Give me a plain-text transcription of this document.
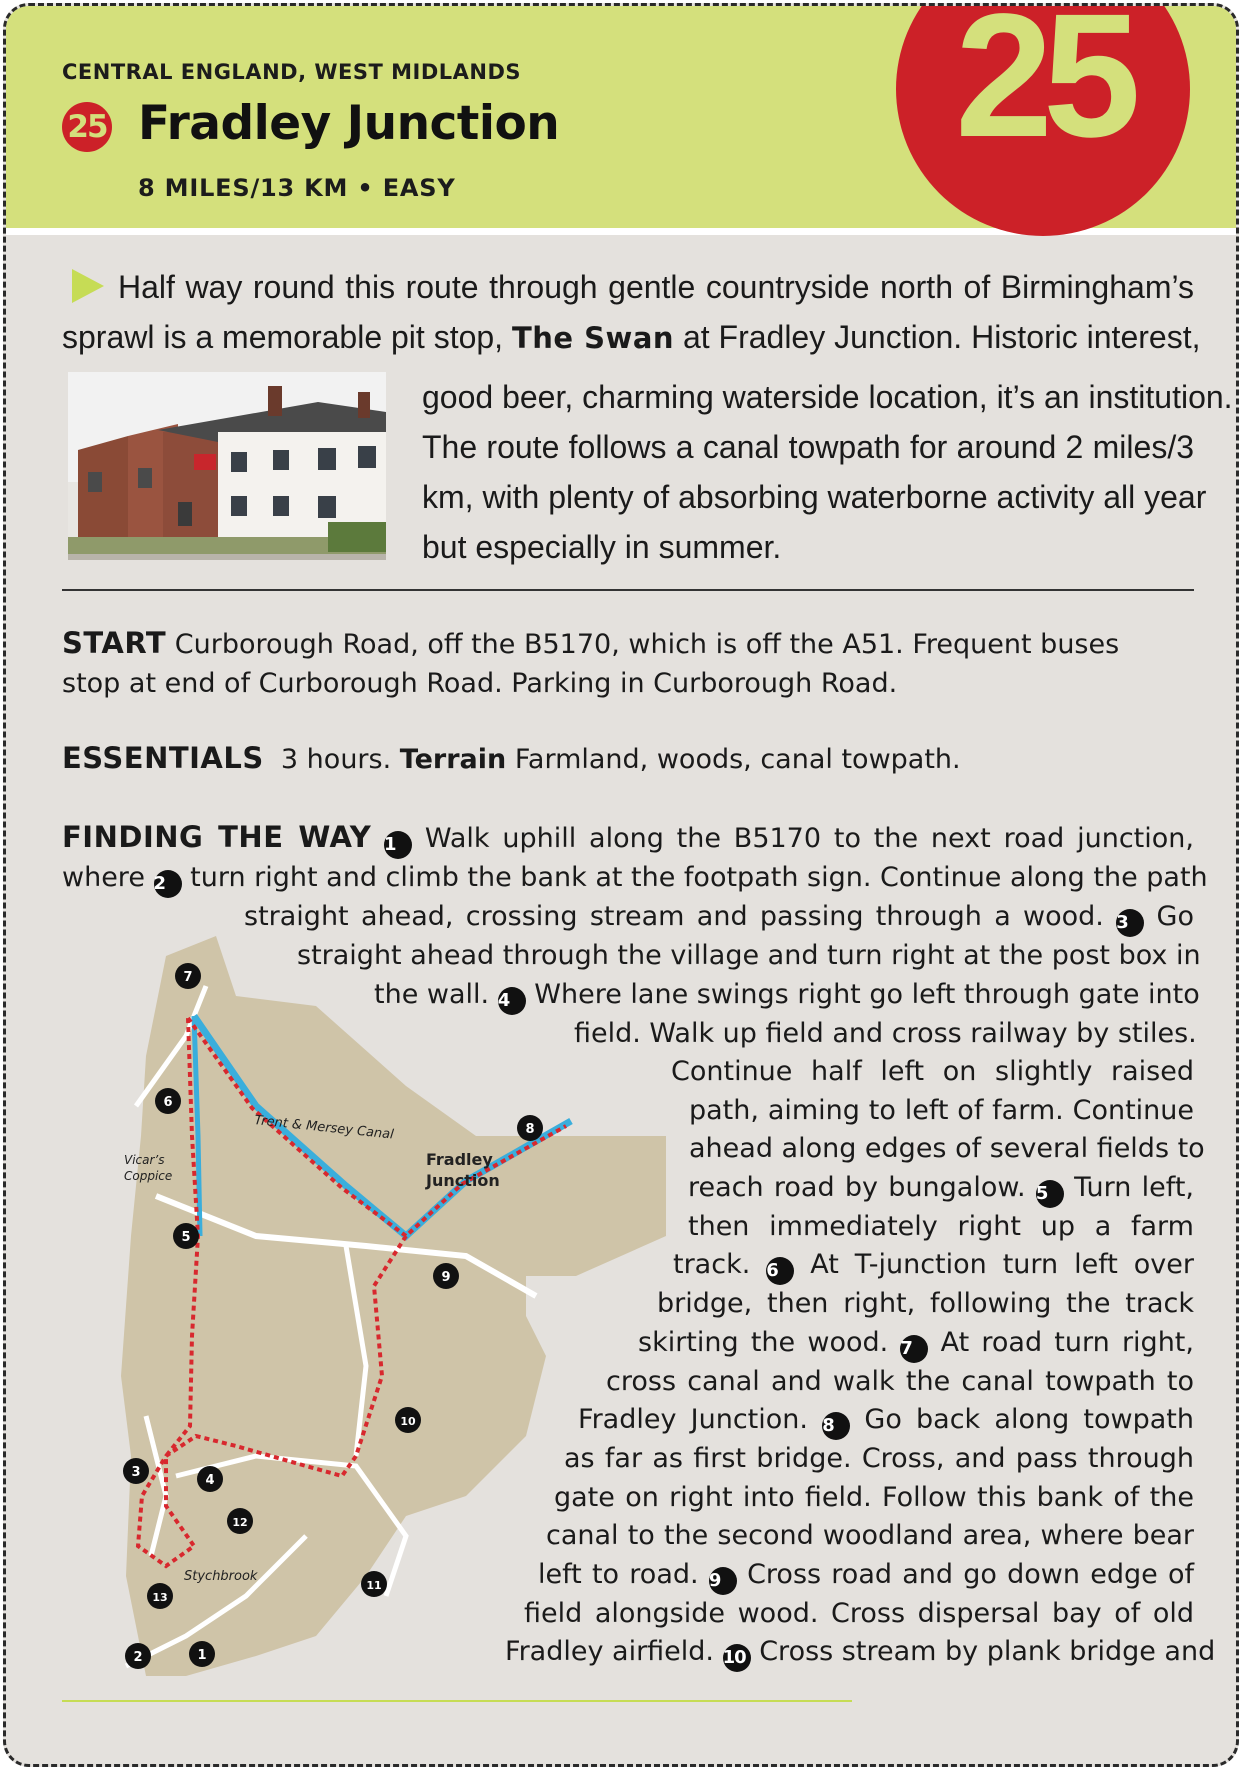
CENTRAL ENGLAND, WEST MIDLANDS
25 Fradley Junction
8 MILES/13 KM • EASY
25
Half way round this route through gentle countryside north of Birmingham’s
sprawl is a memorable pit stop, The Swan at Fradley Junction. Historic interest,
good beer, charming waterside location, it’s an institution.
The route follows a canal towpath for around 2 miles/3
km, with plenty of absorbing waterborne activity all year
but especially in summer.
START Curborough Road, off the B5170, which is off the A51. Frequent buses
stop at end of Curborough Road. Parking in Curborough Road.
ESSENTIALS 3 hours. Terrain Farmland, woods, canal towpath.
FINDING THE WAY 1 Walk uphill along the B5170 to the next road junction,
where 2 turn right and climb the bank at the footpath sign. Continue along the path
straight ahead, crossing stream and passing through a wood. 3 Go
straight ahead through the village and turn right at the post box in
the wall. 4 Where lane swings right go left through gate into
field. Walk up field and cross railway by stiles.
Continue half left on slightly raised
path, aiming to left of farm. Continue
ahead along edges of several fields to
reach road by bungalow. 5 Turn left,
then immediately right up a farm
track. 6 At T-junction turn left over
bridge, then right, following the track
skirting the wood. 7 At road turn right,
cross canal and walk the canal towpath to
Fradley Junction. 8 Go back along towpath
as far as first bridge. Cross, and pass through
gate on right into field. Follow this bank of the
canal to the second woodland area, where bear
left to road. 9 Cross road and go down edge of
field alongside wood. Cross dispersal bay of old
Fradley airfield. 10 Cross stream by plank bridge and
7
6
8
5
9
10
3
4
12
11
13
2	1
Trent & Mersey Canal
Fradley
Junction
Vicar’s
Coppice
Stychbrook
